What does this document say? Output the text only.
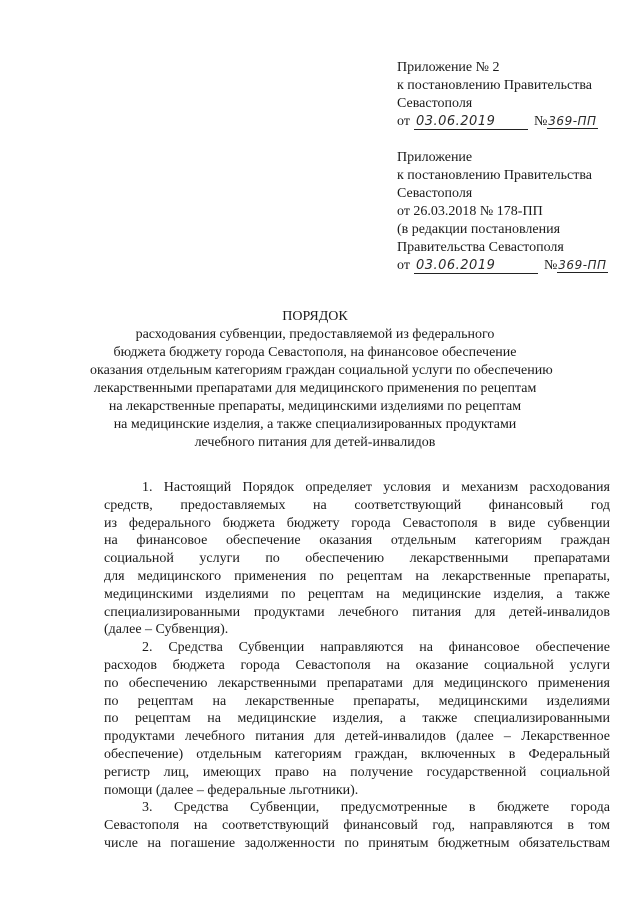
Приложение № 2
к постановлению Правительства
Севастополя
от 03.06.2019	№ 369-ПП
Приложение
к постановлению Правительства
Севастополя
от 26.03.2018 № 178-ПП
(в редакции постановления
Правительства Севастополя
от 03.06.2019	№ 369-ПП
ПОРЯДОК
расходования субвенции, предоставляемой из федерального
бюджета бюджету города Севастополя, на финансовое обеспечение
оказания отдельным категориям граждан социальной услуги по обеспечению
лекарственными препаратами для медицинского применения по рецептам
на лекарственные препараты, медицинскими изделиями по рецептам
на медицинские изделия, а также специализированных продуктами
лечебного питания для детей-инвалидов

1. Настоящий Порядок определяет условия и механизм расходования
средств, предоставляемых на соответствующий финансовый год
из федерального бюджета бюджету города Севастополя в виде субвенции
на финансовое обеспечение оказания отдельным категориям граждан
социальной услуги по обеспечению лекарственными препаратами
для медицинского применения по рецептам на лекарственные препараты,
медицинскими изделиями по рецептам на медицинские изделия, а также
специализированными продуктами лечебного питания для детей-инвалидов
(далее – Субвенция).

2. Средства Субвенции направляются на финансовое обеспечение
расходов бюджета города Севастополя на оказание социальной услуги
по обеспечению лекарственными препаратами для медицинского применения
по рецептам на лекарственные препараты, медицинскими изделиями
по рецептам на медицинские изделия, а также специализированными
продуктами лечебного питания для детей-инвалидов (далее – Лекарственное
обеспечение) отдельным категориям граждан, включенных в Федеральный
регистр лиц, имеющих право на получение государственной социальной
помощи (далее – федеральные льготники).

3. Средства Субвенции, предусмотренные в бюджете города
Севастополя на соответствующий финансовый год, направляются в том
числе на погашение задолженности по принятым бюджетным обязательствам
